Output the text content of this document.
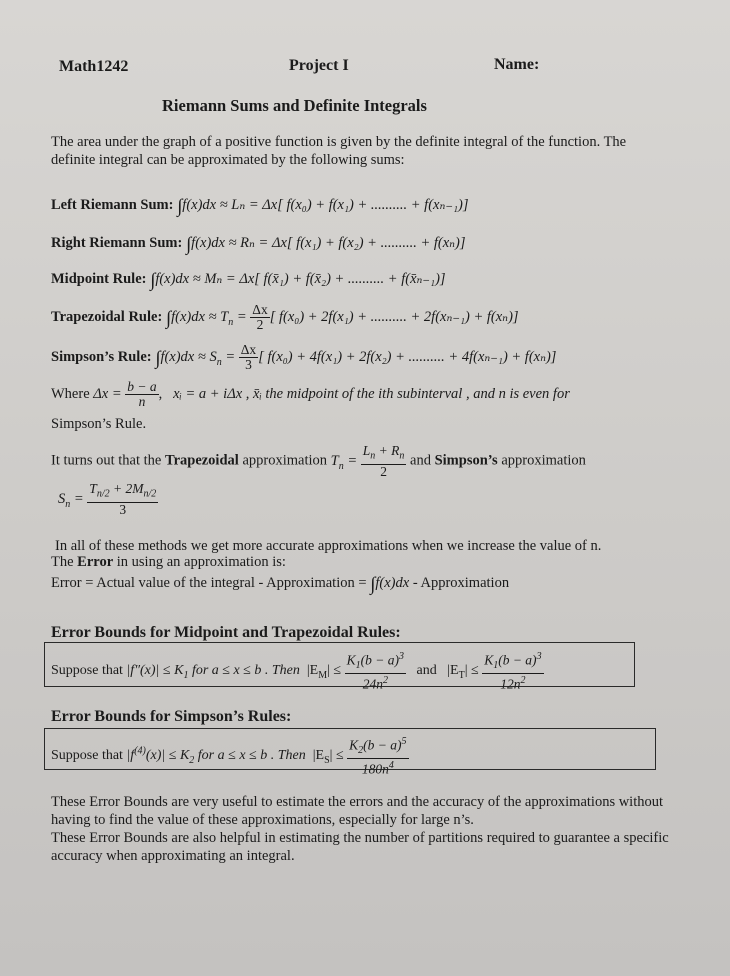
Math1242	Project I	Name:
Riemann Sums and Definite Integrals
The area under the graph of a positive function is given by the definite integral of the function. The definite integral can be approximated by the following sums:
Left Riemann Sum: ∫f(x)dx ≈ Lₙ = Δx[ f(x₀) + f(x₁) + .......... + f(xₙ₋₁)]
Right Riemann Sum: ∫f(x)dx ≈ Rₙ = Δx[ f(x₁) + f(x₂) + .......... + f(xₙ)]
Midpoint Rule: ∫f(x)dx ≈ Mₙ = Δx[ f(x̄₁) + f(x̄₂) + .......... + f(x̄ₙ₋₁)]
Trapezoidal Rule: $\int f(x)dx \approx T_n = \frac{\Delta x}{2}$ [ f(x₀) + 2f(x₁) + .......... + 2f(xₙ₋₁) + f(xₙ)]
Simpson’s Rule: $\int f(x)dx \approx S_n = \frac{\Delta x}{3}$ [ f(x₀) + 4f(x₁) + 2f(x₂) + .......... + 4f(xₙ₋₁) + f(xₙ)]
Where $\Delta x = \frac{b - a}{n}$ ,   xᵢ = a + iΔx , x̄ᵢ the midpoint of the ith subinterval , and n is even for
Simpson’s Rule.
It turns out that the Trapezoidal approximation $T_n = \frac{L_n + R_n}{2}$ and Simpson’s approximation
$S_n = \frac{T_{n/2} + 2M_{n/2}}{3}$
In all of these methods we get more accurate approximations when we increase the value of n.
The Error in using an approximation is:
Error = Actual value of the integral - Approximation = ∫f(x)dx - Approximation
Error Bounds for Midpoint and Trapezoidal Rules:
Suppose that $|f''(x)| \le K_1$ for a ≤ x ≤ b . Then  $|E_M| \le \frac{K_1(b - a)^3}{24n^2}$ and $|E_T| \le \frac{K_1(b - a)^3}{12n^2}$
Error Bounds for Simpson’s Rules:
Suppose that $|f^{(4)}(x)| \le K_2$ for a ≤ x ≤ b . Then  $|E_S| \le \frac{K_2(b - a)^5}{180n^4}$
These Error Bounds are very useful to estimate the errors and the accuracy of the approximations without having to find the value of these approximations, especially for large n’s.
These Error Bounds are also helpful in estimating the number of partitions required to guarantee a specific accuracy when approximating an integral.
